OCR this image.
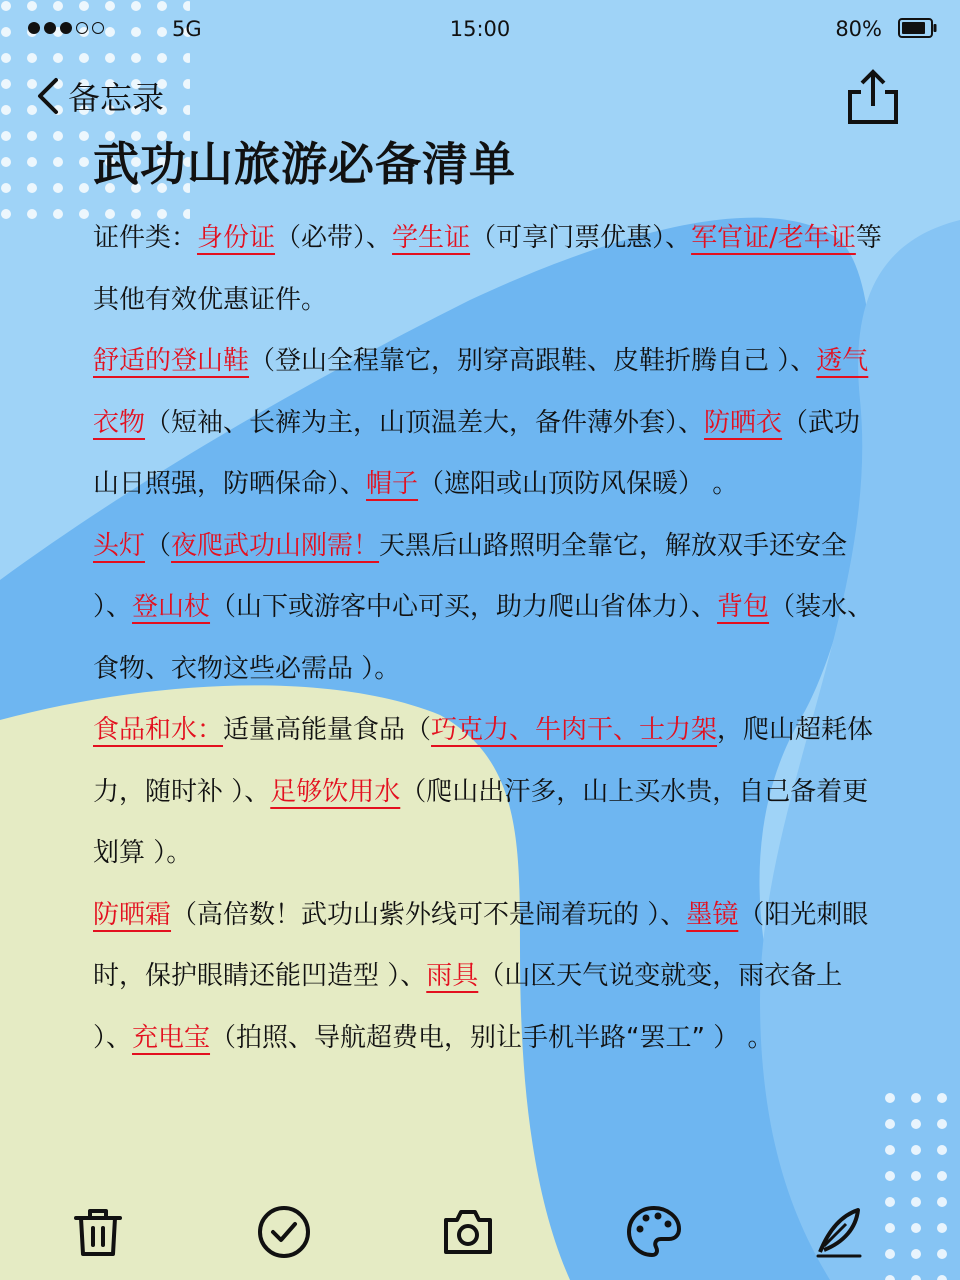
5G	15:00	80%
备忘录
武功山旅游必备清单
证件类：身份证（必带）、学生证（可享门票优惠）、军官证/老年证等其他有效优惠证件。
舒适的登山鞋（登山全程靠它，别穿高跟鞋、皮鞋折腾自己 ）、透气衣物（短袖、长裤为主，山顶温差大，备件薄外套）、防晒衣（武功山日照强，防晒保命）、帽子（遮阳或山顶防风保暖） 。
头灯（夜爬武功山刚需！天黑后山路照明全靠它，解放双手还安全 ）、登山杖（山下或游客中心可买，助力爬山省体力）、背包（装水、食物、衣物这些必需品 ）。
食品和水：适量高能量食品（巧克力、牛肉干、士力架，爬山超耗体力，随时补 ）、足够饮用水（爬山出汗多，山上买水贵，自己备着更划算 ）。
防晒霜（高倍数！武功山紫外线可不是闹着玩的 ）、墨镜（阳光刺眼时，保护眼睛还能凹造型 ）、雨具（山区天气说变就变，雨衣备上 ）、充电宝（拍照、导航超费电，别让手机半路“罢工” ） 。
